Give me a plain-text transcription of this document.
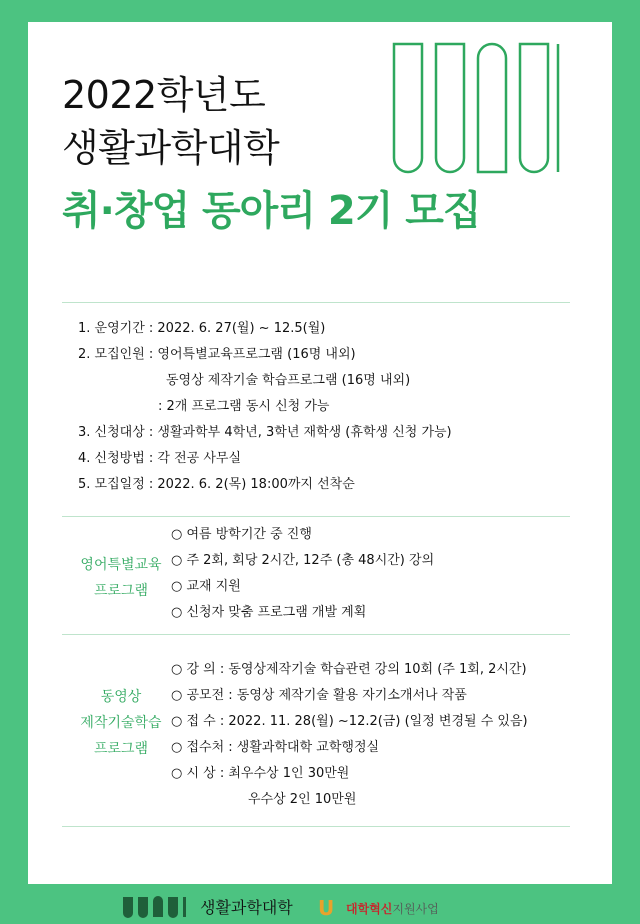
2022학년도
생활과학대학
취·창업 동아리 2기 모집
1. 운영기간 : 2022. 6. 27(월) ~ 12.5(월)
2. 모집인원 : 영어특별교육프로그램 (16명 내외)
동영상 제작기술 학습프로그램 (16명 내외)
: 2개 프로그램 동시 신청 가능
3. 신청대상 : 생활과학부 4학년, 3학년 재학생 (휴학생 신청 가능)
4. 신청방법 : 각 전공 사무실
5. 모집일정 : 2022. 6. 2(목) 18:00까지 선착순
영어특별교육
프로그램
○ 여름 방학기간 중 진행
○ 주 2회, 회당 2시간, 12주 (총 48시간) 강의
○ 교재 지원
○ 신청자 맞춤 프로그램 개발 계획
동영상
제작기술학습
프로그램
○ 강 의 : 동영상제작기술 학습관련 강의 10회 (주 1회, 2시간)
○ 공모전 : 동영상 제작기술 활용 자기소개서나 작품
○ 접 수 : 2022. 11. 28(월) ~12.2(금) (일정 변경될 수 있음)
○ 접수처 : 생활과학대학 교학행정실
○ 시 상 : 최우수상 1인 30만원
우수상 2인 10만원
생활과학대학 U 대학혁신지원사업
